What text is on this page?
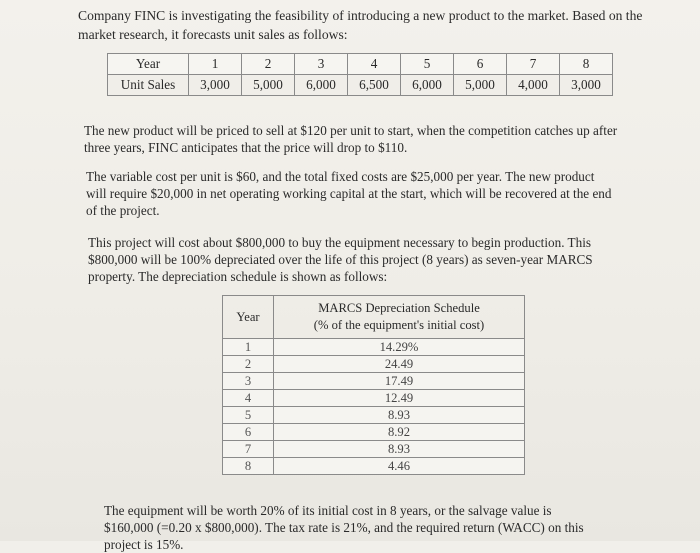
Company FINC is investigating the feasibility of introducing a new product to the market. Based on the market research, it forecasts unit sales as follows:

Year	1	2	3	4	5	6	7	8
Unit Sales	3,000	5,000	6,000	6,500	6,000	5,000	4,000	3,000

The new product will be priced to sell at $120 per unit to start, when the competition catches up after three years, FINC anticipates that the price will drop to $110.

The variable cost per unit is $60, and the total fixed costs are $25,000 per year. The new product will require $20,000 in net operating working capital at the start, which will be recovered at the end of the project.

This project will cost about $800,000 to buy the equipment necessary to begin production. This $800,000 will be 100% depreciated over the life of this project (8 years) as seven-year MARCS property. The depreciation schedule is shown as follows:

Year	MARCS Depreciation Schedule
(% of the equipment's initial cost)

1	14.29%
2	24.49
3	17.49
4	12.49
5	8.93
6	8.92
7	8.93
8	4.46

The equipment will be worth 20% of its initial cost in 8 years, or the salvage value is $160,000 (=0.20 x $800,000). The tax rate is 21%, and the required return (WACC) on this project is 15%.
